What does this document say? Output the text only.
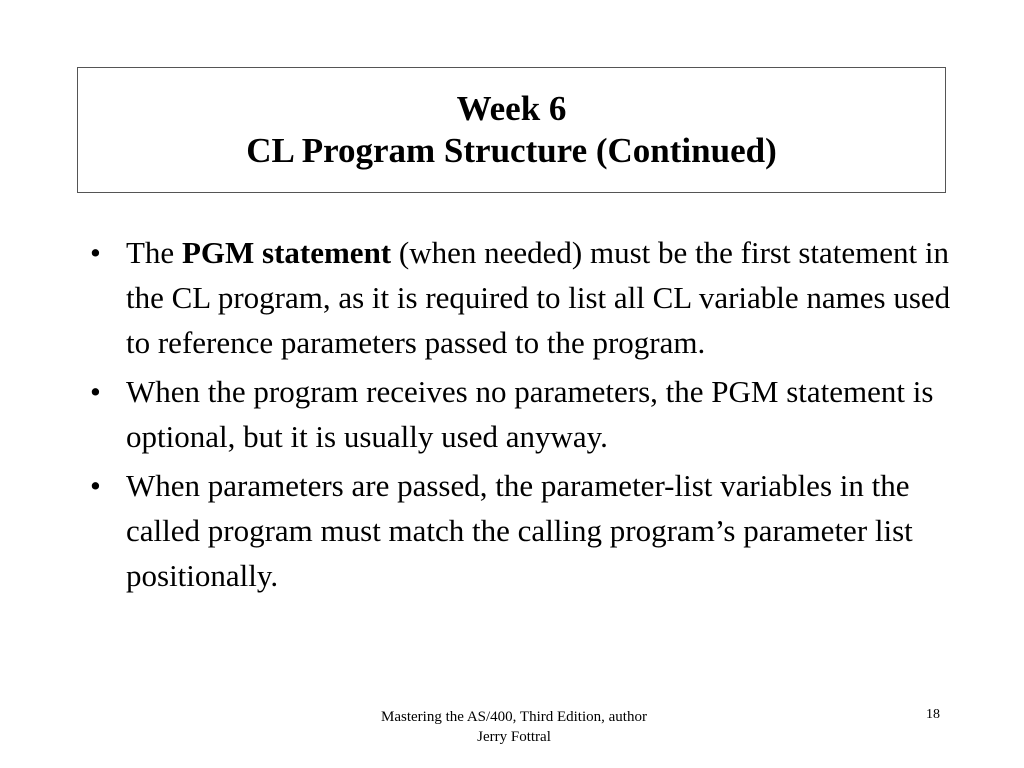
Week 6
CL Program Structure (Continued)
• The PGM statement (when needed) must be the first statement in the CL program, as it is required to list all CL variable names used to reference parameters passed to the program.
• When the program receives no parameters, the PGM statement is optional, but it is usually used anyway.
• When parameters are passed, the parameter-list variables in the called program must match the calling program’s parameter list positionally.
Mastering the AS/400, Third Edition, author
Jerry Fottral
18
